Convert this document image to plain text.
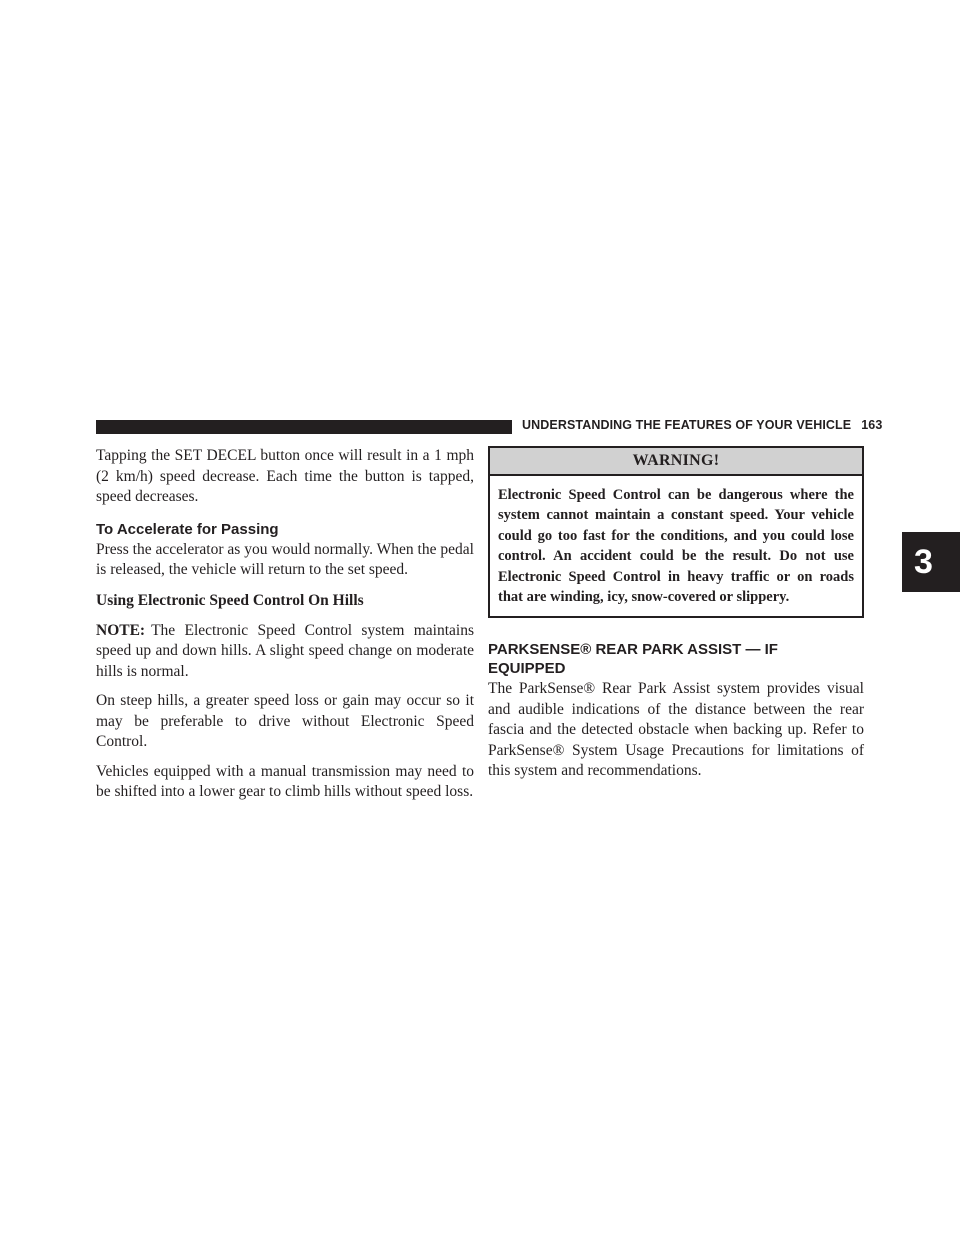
UNDERSTANDING THE FEATURES OF YOUR VEHICLE 163
3

Tapping the SET DECEL button once will result in a 1 mph (2 km/h) speed decrease. Each time the button is tapped, speed decreases.

To Accelerate for Passing

Press the accelerator as you would normally. When the pedal is released, the vehicle will return to the set speed.

Using Electronic Speed Control On Hills

NOTE: The Electronic Speed Control system maintains speed up and down hills. A slight speed change on moderate hills is normal.

On steep hills, a greater speed loss or gain may occur so it may be preferable to drive without Electronic Speed Control.

Vehicles equipped with a manual transmission may need to be shifted into a lower gear to climb hills without speed loss.

WARNING!

Electronic Speed Control can be dangerous where the system cannot maintain a constant speed. Your vehicle could go too fast for the conditions, and you could lose control. An accident could be the result. Do not use Electronic Speed Control in heavy traffic or on roads that are winding, icy, snow-covered or slippery.

PARKSENSE® REAR PARK ASSIST — IF EQUIPPED

The ParkSense® Rear Park Assist system provides visual and audible indications of the distance between the rear fascia and the detected obstacle when backing up. Refer to ParkSense® System Usage Precautions for limitations of this system and recommendations.
